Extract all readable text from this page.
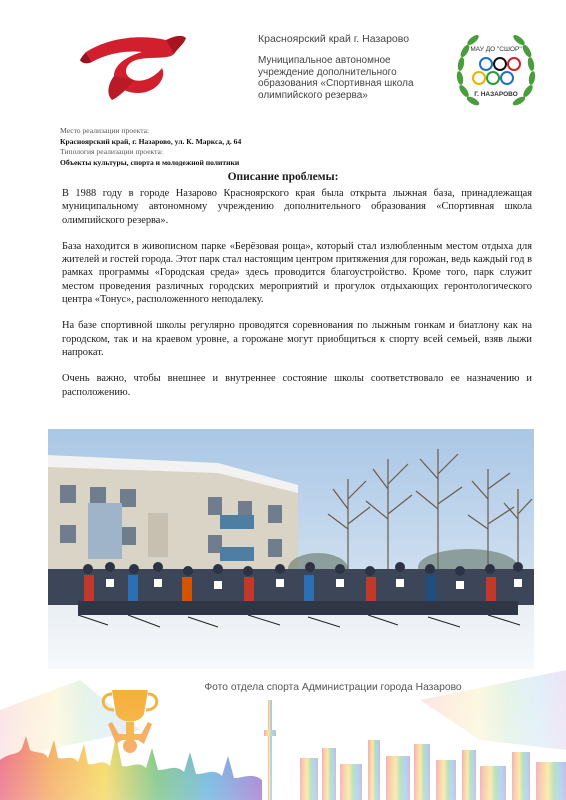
Красноярский край г. Назарово
Муниципальное автономное
учреждение дополнительного
образования «Спортивная школа
олимпийского резерва»
МАУ ДО "СШОР"
Г. НАЗАРОВО
Место реализации проекта:
Красноярский край, г. Назарово, ул. К. Маркса, д. 64
Типология реализации проекта:
Объекты культуры, спорта и молодежной политики
Описание проблемы:

В 1988 году в городе Назарово Красноярского края была открыта лыжная база, принадлежащая муниципальному автономному учреждению дополнительного образования «Спортивная школа олимпийского резерва».

База находится в живописном парке «Берёзовая роща», который стал излюбленным местом отдыха для жителей и гостей города. Этот парк стал настоящим центром притяжения для горожан, ведь каждый год в рамках программы «Городская среда» здесь проводится благоустройство. Кроме того, парк служит местом проведения различных городских мероприятий и прогулок отдыхающих геронтологического центра «Тонус», расположенного неподалеку.

На базе спортивной школы регулярно проводятся соревнования по лыжным гонкам и биатлону как на городском, так и на краевом уровне, а горожане могут приобщиться к спорту всей семьей, взяв лыжи напрокат.

Очень важно, чтобы внешнее и внутреннее состояние школы соответствовало ее назначению и расположению.

Фото отдела спорта Администрации города Назарово
